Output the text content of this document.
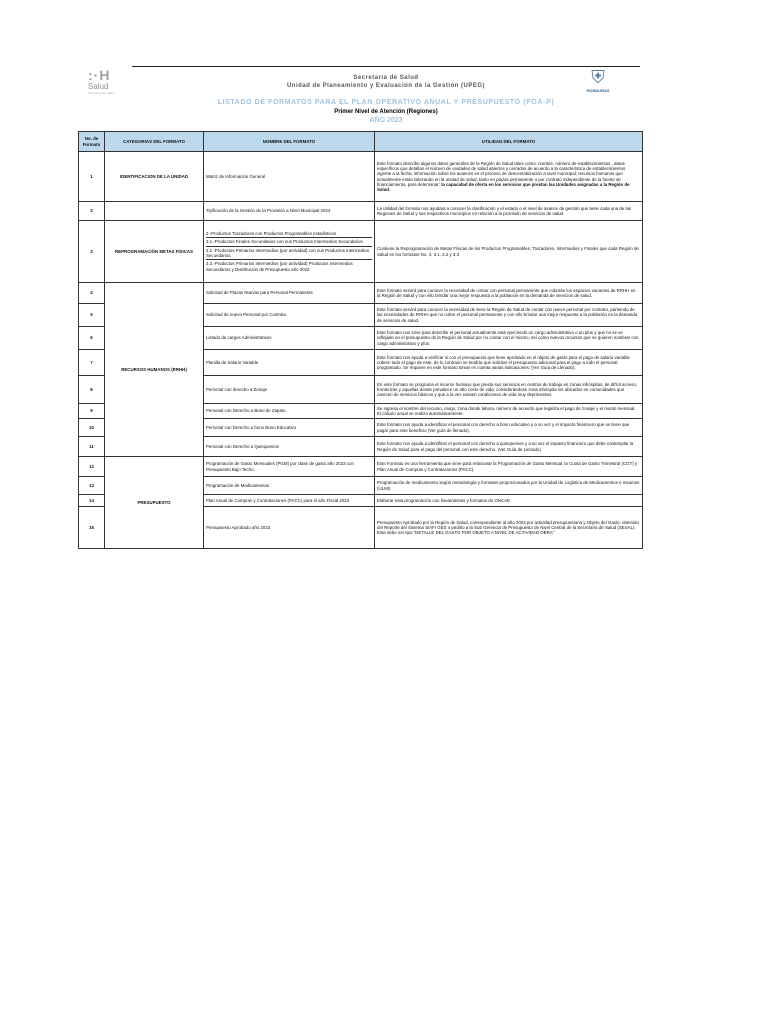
:·H
Salud
Secretaría de Salud
⛨
HONDURAS
Secretaría de Salud
Unidad de Planeamiento y Evaluación de la Gestión (UPEG)
LISTADO DE FORMATOS PARA EL PLAN OPERATIVO ANUAL Y PRESUPUESTO (POA-P)
Primer Nivel de Atención (Regiones)
AÑO 2023
No. de Formato	CATEGORIAS DEL FORMATO	NOMBRE DEL FORMATO	UTILIDAD DEL FORMATO
1	IDENTIFICACION DE LA UNIDAD	Matriz de Información General	Este formato describe algunos datos generales de la Región de Salud tales como: nombre, número de establecimientos , datos específicos que detallan el número de unidades de salud abiertos y cerrados de acuerdo a la característica de establecimientos vigente a la fecha; información sobre los avances en el proceso de descentralización a nivel municipal; recursos humanos que actualmente están laborando en la unidad de salud, tanto en plazas permanente o por contrato independiente de la fuente de financiamiento, para determinar: la capacidad de oferta en los servicios que prestan las Unidades asignadas a la Región de Salud.
2		Tipificación de la Gestión de la Provisión a Nivel Municipal 2023	La utilidad del formato nos ayudara a conocer la clasificación y el estado o el nivel de avance de gestión que tiene cada una de las Regiones de Salud y sus respectivos municipios en relación a la provisión de servicios de salud.
3	REPROGRAMACIÓN METAS FÍSICAS	2.-Productos Trazadores con Productos Programables estadísticos
3.1.-Productos Finales Secundarios con sus Productos Intermedios Secundarios
3.2.-Productos Primarios Intermedios (por actividad) con sus Productos Intermedios Secundarios.
3.3.-Productos Primarios Intermedios (por actividad) Productos Intermedios Secundarios y Distribución de Presupuesto año 2023	Contiene la Reprogramación de Metas Físicas de los Productos Programables, Trazadores, Intermedios y Finales que cada Región de Salud en los formatos No. 3, 3.1, 3.2 y 3.3
4	RECURSOS HUMANOS (RRHH)	Solicitud de Plazas Nuevas para Personal Permanente	Este formato servirá para conocer la necesidad de contar con personal permanente que cubrirán los espacios vacantes de RRHH en la Región de Salud y con ello brindar una mejor respuesta a la población en la demanda de servicios de salud.
5		Solicitud de nuevo Personal por Contrato	Este formato servirá para conocer la necesidad de tiene la Región de Salud de contar con nuevo personal por contrato, partiendo de las necesidades de RRHH que no cubre el personal permanente y con ello brindar una mejor respuesta a la población en la demanda de servicios de salud.
6		Listado de cargos Administrativos	Este formato nos sirve para describir el personal actualmente está ejerciendo un cargo administrativo o un plus y que no se ve reflejado en el presupuesto de la Región de Salud por no contar con el mismo, así como nuevos recursos que se quieren nombrar con cargo administrativo y plus.
7		Planilla de Salario Variable	Este formato nos ayuda a verificar si con el presupuesto que tiene aprobado en el objeto de gasto para el pago de salario variable cubren todo el pago de este, de lo contrario se tendría que solicitar el presupuesto adicional para el pago a todo el personal programado. Se requiere en este formato tomar en cuenta varias indicaciones: (Ver Guía de Llenado).
8		Personal con derecho a Zonaje	En este formato se programa el recurso humano que presta sus servicios en centros de trabajo en zonas inhóspitas, de difícil acceso, fronterizas y aquellas donde prevalece un alto costo de vida, considerándose zona inhóspita los ubicados en comunidades que carecen de servicios básicos y que a la vez existen condiciones de vida muy deprimentes.
9		Personal con Derecho a Bono de Zapato	Se ingresa el nombre del recurso, cargo, zona donde labora, número de acuerdo que legaliza el pago de zonaje y el monto mensual. El cálculo anual se realiza automáticamente.
10		Personal con Derecho a bono Bono Educativo	Este formato nos ayuda a identificar el personal con derecho a bono educativo y a su vez y el impacto financiero que se tiene que pagar para este beneficio (Ver guía de llenado).
11		Personal con Derecho a Quinquenios	Este formato nos ayuda a identificar el personal con derecho a quinquenios y a su vez el impacto financiero que debe contemplar la Región de Salud para el pago del personal con este derecho. (Ver Guía de Llenado).
12	PRESUPUESTO	Programación de Gasto Mensuales (PGM) por clase de gasto año 2023 con Presupuesto Bajo Techo.	Este Formato es una herramienta que sirve para relacionar la Programación de Gasto Mensual, la Cuota de Gasto Trimestral (CGT) y Plan Anual de Compras y Contrataciones (PACC).
13		Programación de Medicamentos	Programación de medicamento según metodología y formatos proporcionados por la Unidad de Logística de Medicamentos e Insumos (ULMI)
14		Plan Anual de Compras y Contrataciones (PACC) para el año Fiscal 2023	Elaborar esta programación con lineamientos y formatos de ONCAE
15		Presupuesto Aprobado año 2023	Presupuesto Aprobado por la Región de Salud, correspondiente al año 2023 por actividad presupuestaria y Objeto del Gasto; obtenido del Reporte del Sistema SIAFI GES o pedirlo a la Sub Gerencia de Presupuesto de Nivel Central de la Secretaría de Salud (SESAL).
Este debe ser tipo "DETALLE DEL GASTO POR OBJETO A NIVEL DE ACTIVIDAD OBRA"
